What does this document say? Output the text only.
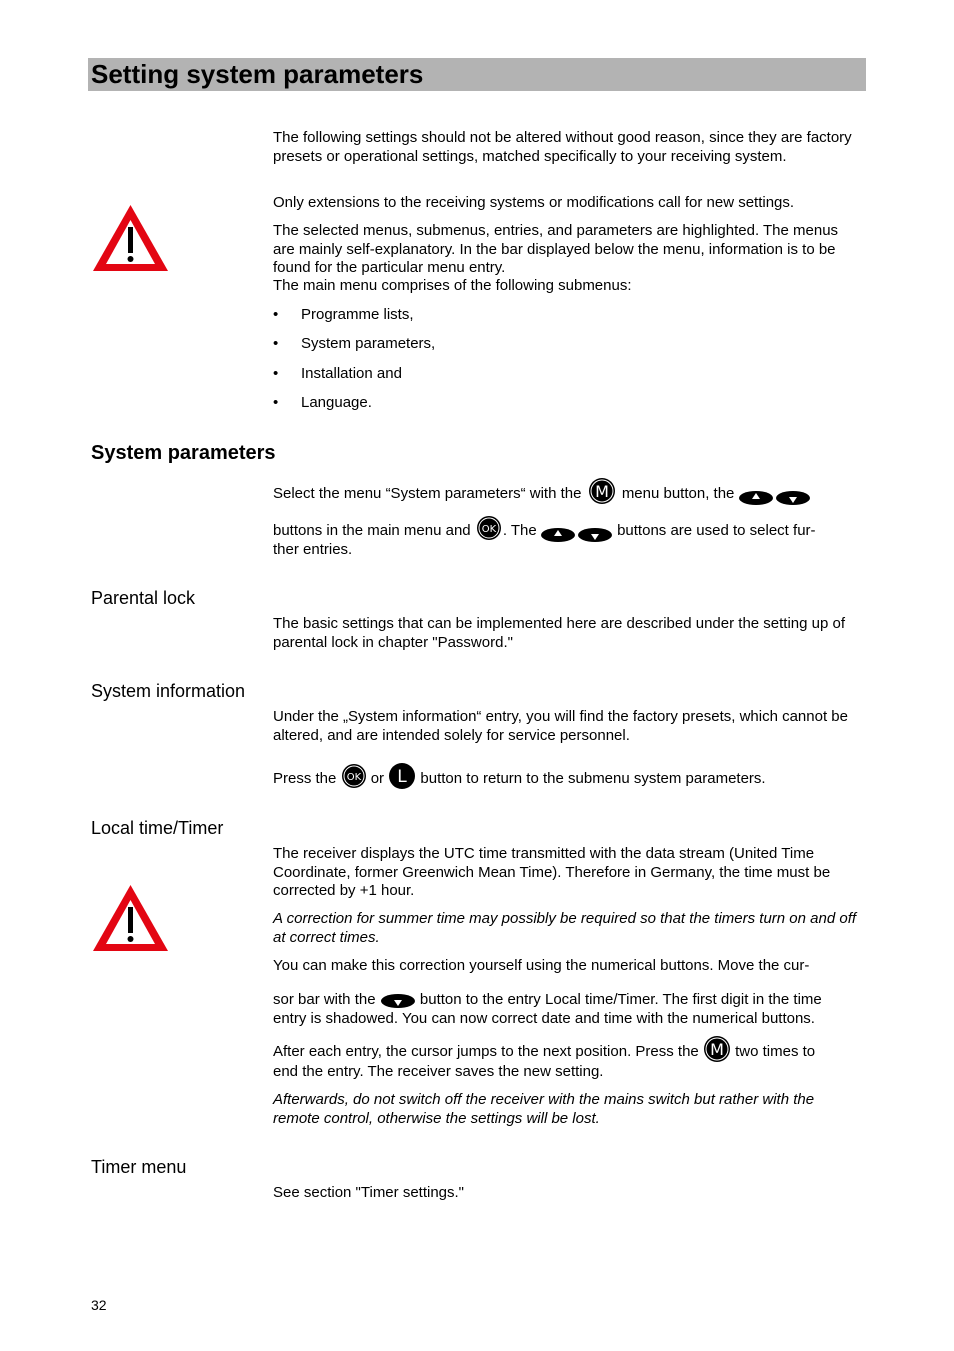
Setting system parameters

The following settings should not be altered without good reason, since they are factory presets or operational settings, matched specifically to your receiving system.

Only extensions to the receiving systems or modifications call for new settings.

The selected menus, submenus, entries, and parameters are highlighted. The menus are mainly self-explanatory. In the bar displayed below the menu, information is to be found for the particular menu entry.

The main menu comprises of the following submenus:

• Programme lists,
• System parameters,
• Installation and
• Language.
System parameters
Select the menu “System parameters“ with the M menu button, the
buttons in the main menu and OK . The	buttons are used to select fur-

ther entries.

Parental lock

The basic settings that can be implemented here are described under the setting up of parental lock in chapter "Password."

System information

Under the „System information“ entry, you will find the factory presets, which cannot be altered, and are intended solely for service personnel.

Press the OK or L button to return to the submenu system parameters.
Local time/Timer

The receiver displays the UTC time transmitted with the data stream (United Time Coordinate, former Greenwich Mean Time). Therefore in Germany, the time must be corrected by +1 hour.

A correction for summer time may possibly be required so that the timers turn on and off at correct times.

You can make this correction yourself using the numerical buttons. Move the cur-

sor bar with the	button to the entry Local time/Timer. The first digit in the time

entry is shadowed. You can now correct date and time with the numerical buttons.

After each entry, the cursor jumps to the next position. Press the M two times to

end the entry. The receiver saves the new setting.

Afterwards, do not switch off the receiver with the mains switch but rather with the remote control, otherwise the settings will be lost.

Timer menu

See section "Timer settings."

32
